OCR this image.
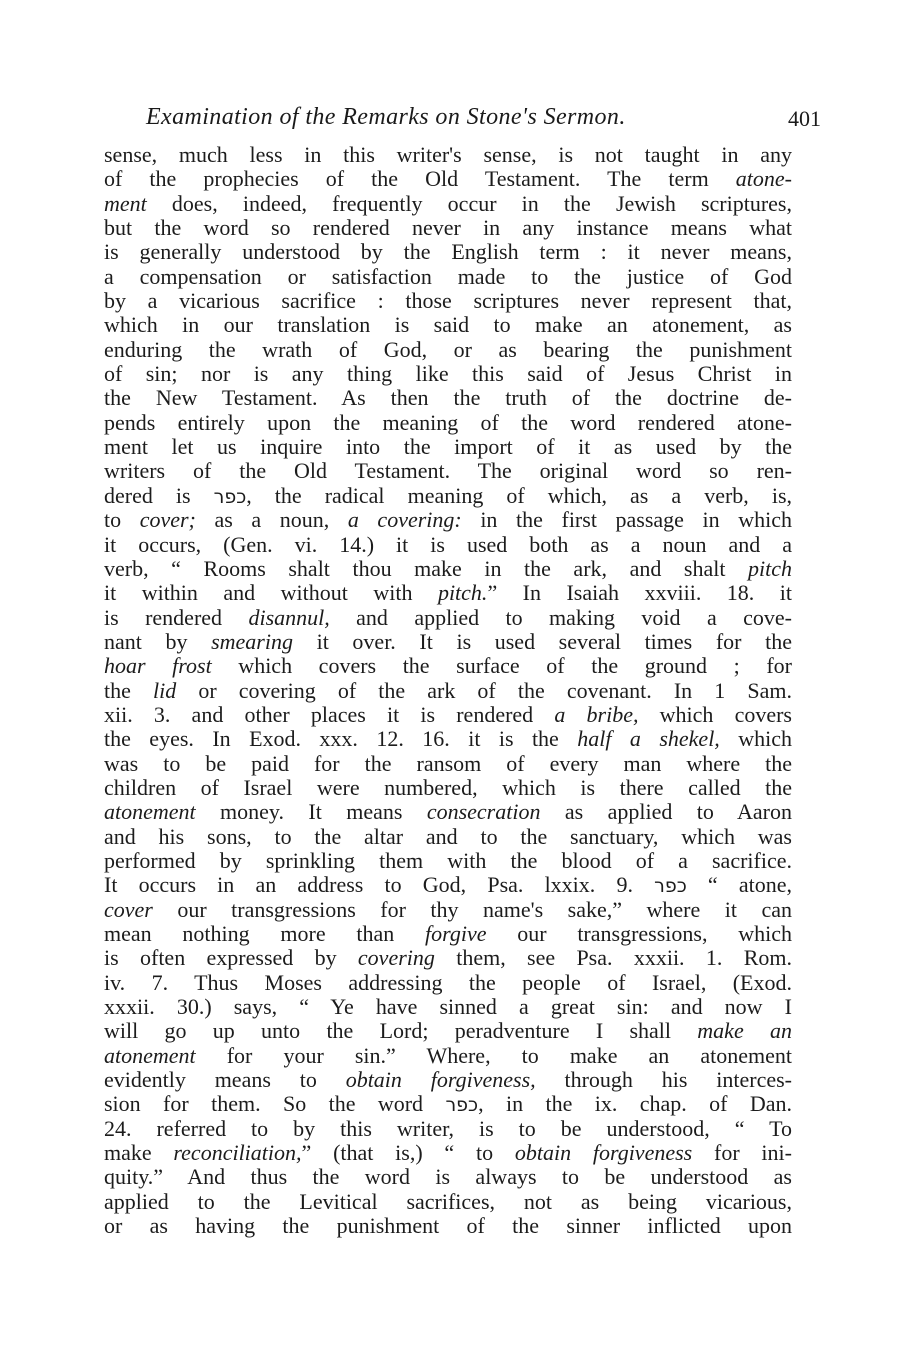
Examination of the Remarks on Stone's Sermon.	401
sense, much less in this writer's sense, is not taught in any
of the prophecies of the Old Testament. The term atone-
ment does, indeed, frequently occur in the Jewish scriptures,
but the word so rendered never in any instance means what
is generally understood by the English term : it never means,
a compensation or satisfaction made to the justice of God
by a vicarious sacrifice : those scriptures never represent that,
which in our translation is said to make an atonement, as
enduring the wrath of God, or as bearing the punishment
of sin; nor is any thing like this said of Jesus Christ in
the New Testament. As then the truth of the doctrine de-
pends entirely upon the meaning of the word rendered atone-
ment let us inquire into the import of it as used by the
writers of the Old Testament. The original word so ren-
dered is כפר, the radical meaning of which, as a verb, is,
to cover; as a noun, a covering: in the first passage in which
it occurs, (Gen. vi. 14.) it is used both as a noun and a
verb, “ Rooms shalt thou make in the ark, and shalt pitch
it within and without with pitch.” In Isaiah xxviii. 18. it
is rendered disannul, and applied to making void a cove-
nant by smearing it over. It is used several times for the
hoar frost which covers the surface of the ground ; for
the lid or covering of the ark of the covenant. In 1 Sam.
xii. 3. and other places it is rendered a bribe, which covers
the eyes. In Exod. xxx. 12. 16. it is the half a shekel, which
was to be paid for the ransom of every man where the
children of Israel were numbered, which is there called the
atonement money. It means consecration as applied to Aaron
and his sons, to the altar and to the sanctuary, which was
performed by sprinkling them with the blood of a sacrifice.
It occurs in an address to God, Psa. lxxix. 9. כפר “ atone,
cover our transgressions for thy name's sake,” where it can
mean nothing more than forgive our transgressions, which
is often expressed by covering them, see Psa. xxxii. 1. Rom.
iv. 7. Thus Moses addressing the people of Israel, (Exod.
xxxii. 30.) says, “ Ye have sinned a great sin: and now I
will go up unto the Lord; peradventure I shall make an
atonement for your sin.” Where, to make an atonement
evidently means to obtain forgiveness, through his interces-
sion for them. So the word כפר, in the ix. chap. of Dan.
24. referred to by this writer, is to be understood, “ To
make reconciliation,” (that is,) “ to obtain forgiveness for ini-
quity.” And thus the word is always to be understood as
applied to the Levitical sacrifices, not as being vicarious,
or as having the punishment of the sinner inflicted upon
